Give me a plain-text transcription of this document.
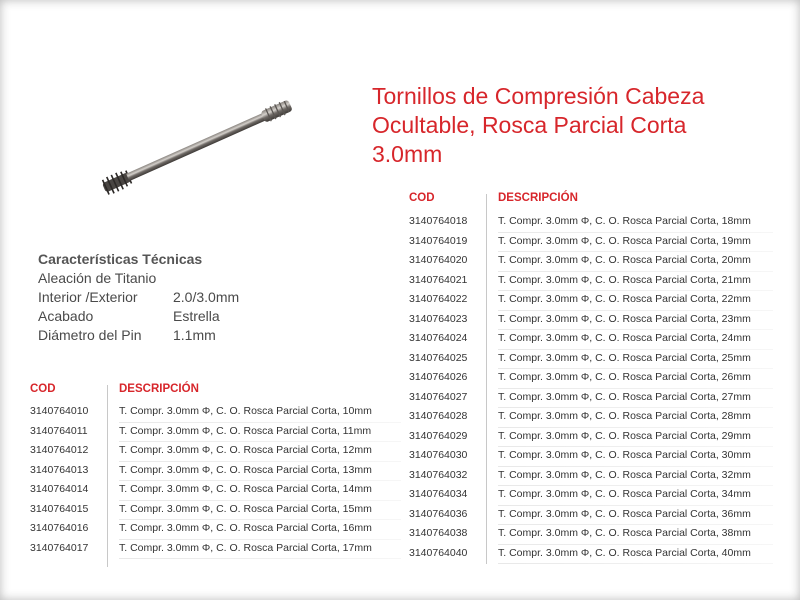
Tornillos de Compresión Cabeza
Ocultable, Rosca Parcial Corta
3.0mm
Características Técnicas
Aleación de Titanio
Interior /Exterior	2.0/3.0mm
Acabado	Estrella
Diámetro del Pin 1.1mm
COD	DESCRIPCIÓN
3140764010	T. Compr. 3.0mm Φ, C. O. Rosca Parcial Corta, 10mm
3140764011	T. Compr. 3.0mm Φ, C. O. Rosca Parcial Corta, 11mm
3140764012	T. Compr. 3.0mm Φ, C. O. Rosca Parcial Corta, 12mm
3140764013	T. Compr. 3.0mm Φ, C. O. Rosca Parcial Corta, 13mm
3140764014	T. Compr. 3.0mm Φ, C. O. Rosca Parcial Corta, 14mm
3140764015	T. Compr. 3.0mm Φ, C. O. Rosca Parcial Corta, 15mm
3140764016	T. Compr. 3.0mm Φ, C. O. Rosca Parcial Corta, 16mm
3140764017	T. Compr. 3.0mm Φ, C. O. Rosca Parcial Corta, 17mm
COD	DESCRIPCIÓN
3140764018	T. Compr. 3.0mm Φ, C. O. Rosca Parcial Corta, 18mm
3140764019	T. Compr. 3.0mm Φ, C. O. Rosca Parcial Corta, 19mm
3140764020	T. Compr. 3.0mm Φ, C. O. Rosca Parcial Corta, 20mm
3140764021	T. Compr. 3.0mm Φ, C. O. Rosca Parcial Corta, 21mm
3140764022	T. Compr. 3.0mm Φ, C. O. Rosca Parcial Corta, 22mm
3140764023	T. Compr. 3.0mm Φ, C. O. Rosca Parcial Corta, 23mm
3140764024	T. Compr. 3.0mm Φ, C. O. Rosca Parcial Corta, 24mm
3140764025	T. Compr. 3.0mm Φ, C. O. Rosca Parcial Corta, 25mm
3140764026	T. Compr. 3.0mm Φ, C. O. Rosca Parcial Corta, 26mm
3140764027	T. Compr. 3.0mm Φ, C. O. Rosca Parcial Corta, 27mm
3140764028	T. Compr. 3.0mm Φ, C. O. Rosca Parcial Corta, 28mm
3140764029	T. Compr. 3.0mm Φ, C. O. Rosca Parcial Corta, 29mm
3140764030	T. Compr. 3.0mm Φ, C. O. Rosca Parcial Corta, 30mm
3140764032	T. Compr. 3.0mm Φ, C. O. Rosca Parcial Corta, 32mm
3140764034	T. Compr. 3.0mm Φ, C. O. Rosca Parcial Corta, 34mm
3140764036	T. Compr. 3.0mm Φ, C. O. Rosca Parcial Corta, 36mm
3140764038	T. Compr. 3.0mm Φ, C. O. Rosca Parcial Corta, 38mm
3140764040	T. Compr. 3.0mm Φ, C. O. Rosca Parcial Corta, 40mm
